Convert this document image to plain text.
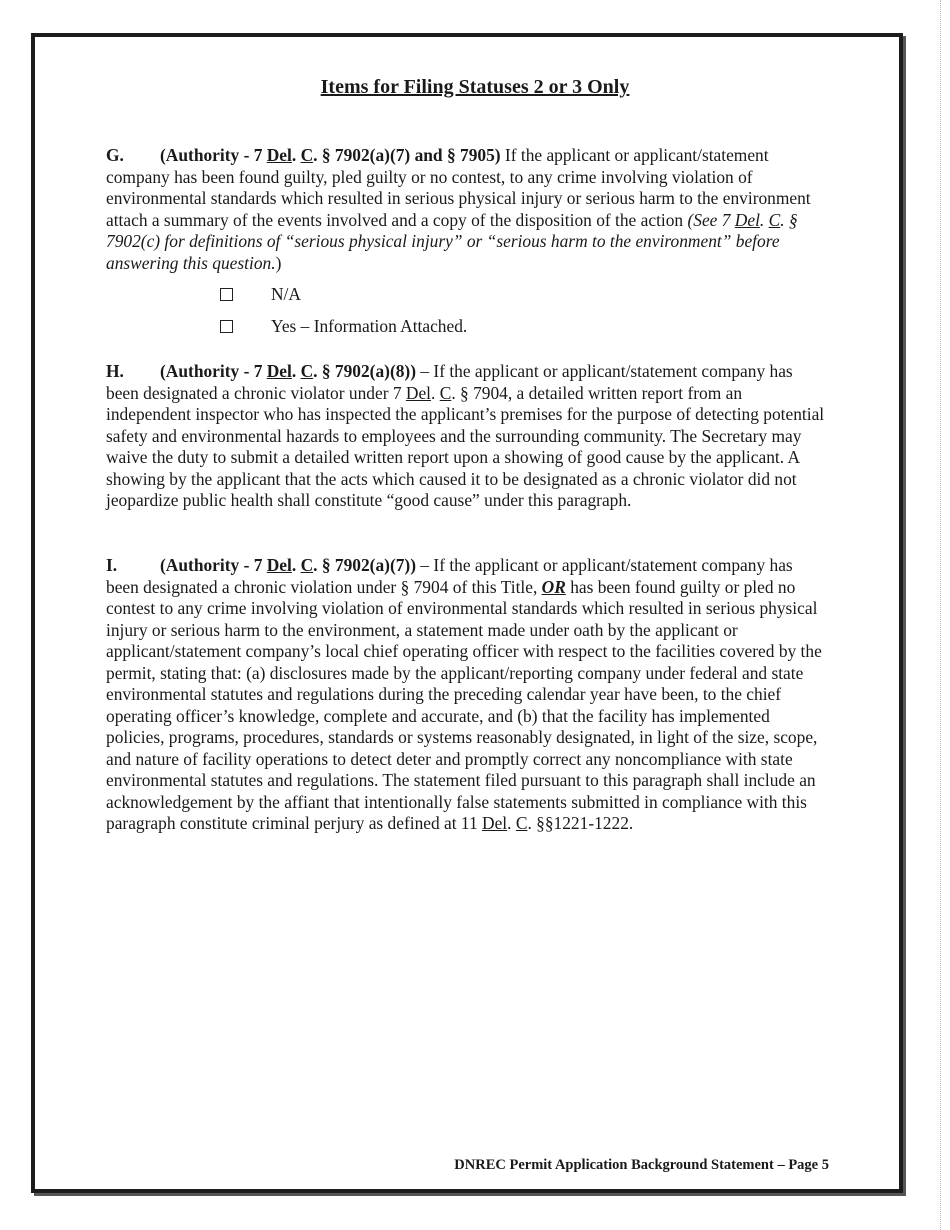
Items for Filing Statuses 2 or 3 Only
G. (Authority - 7 Del. C. § 7902(a)(7) and § 7905) If the applicant or applicant/statement company has been found guilty, pled guilty or no contest, to any crime involving violation of environmental standards which resulted in serious physical injury or serious harm to the environment attach a summary of the events involved and a copy of the disposition of the action (See 7 Del. C. § 7902(c) for definitions of “serious physical injury” or “serious harm to the environment” before answering this question.)
N/A
Yes – Information Attached.
H. (Authority - 7 Del. C. § 7902(a)(8)) – If the applicant or applicant/statement company has been designated a chronic violator under 7 Del. C. § 7904, a detailed written report from an independent inspector who has inspected the applicant’s premises for the purpose of detecting potential safety and environmental hazards to employees and the surrounding community. The Secretary may waive the duty to submit a detailed written report upon a showing of good cause by the applicant. A showing by the applicant that the acts which caused it to be designated as a chronic violator did not jeopardize public health shall constitute “good cause” under this paragraph.
I. (Authority - 7 Del. C. § 7902(a)(7)) – If the applicant or applicant/statement company has been designated a chronic violation under § 7904 of this Title, OR has been found guilty or pled no contest to any crime involving violation of environmental standards which resulted in serious physical injury or serious harm to the environment, a statement made under oath by the applicant or applicant/statement company’s local chief operating officer with respect to the facilities covered by the permit, stating that: (a) disclosures made by the applicant/reporting company under federal and state environmental statutes and regulations during the preceding calendar year have been, to the chief operating officer’s knowledge, complete and accurate, and (b) that the facility has implemented policies, programs, procedures, standards or systems reasonably designated, in light of the size, scope, and nature of facility operations to detect deter and promptly correct any noncompliance with state environmental statutes and regulations. The statement filed pursuant to this paragraph shall include an acknowledgement by the affiant that intentionally false statements submitted in compliance with this paragraph constitute criminal perjury as defined at 11 Del. C. §§1221-1222.
DNREC Permit Application Background Statement – Page 5
